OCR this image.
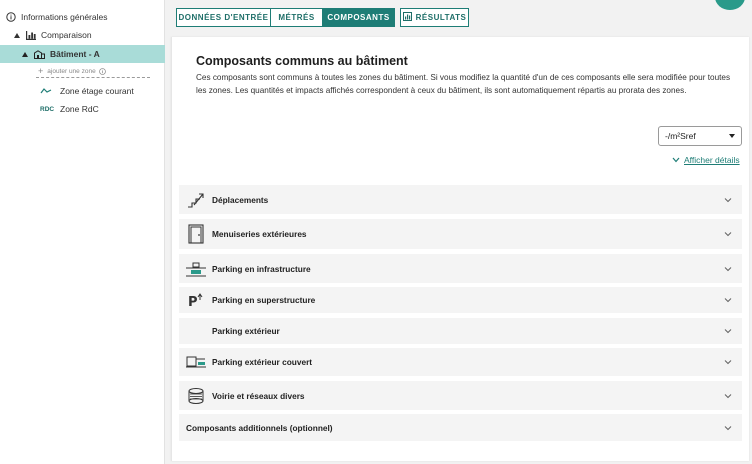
Informations générales
Comparaison
Bâtiment - A
+ ajouter une zone
Zone étage courant
RDC Zone RdC
DONNÉES D'ENTRÉE MÉTRÉS COMPOSANTS	RÉSULTATS
Composants communs au bâtiment
Ces composants sont communs à toutes les zones du bâtiment. Si vous modifiez la quantité d'un de ces composants elle sera modifiée pour toutes les zones. Les quantités et impacts affichés correspondent à ceux du bâtiment, ils sont automatiquement répartis au prorata des zones.
-/m²Sref
Afficher détails
Déplacements
Menuiseries extérieures
Parking en infrastructure
P Parking en superstructure
Parking extérieur
Parking extérieur couvert
Voirie et réseaux divers
Composants additionnels (optionnel)
